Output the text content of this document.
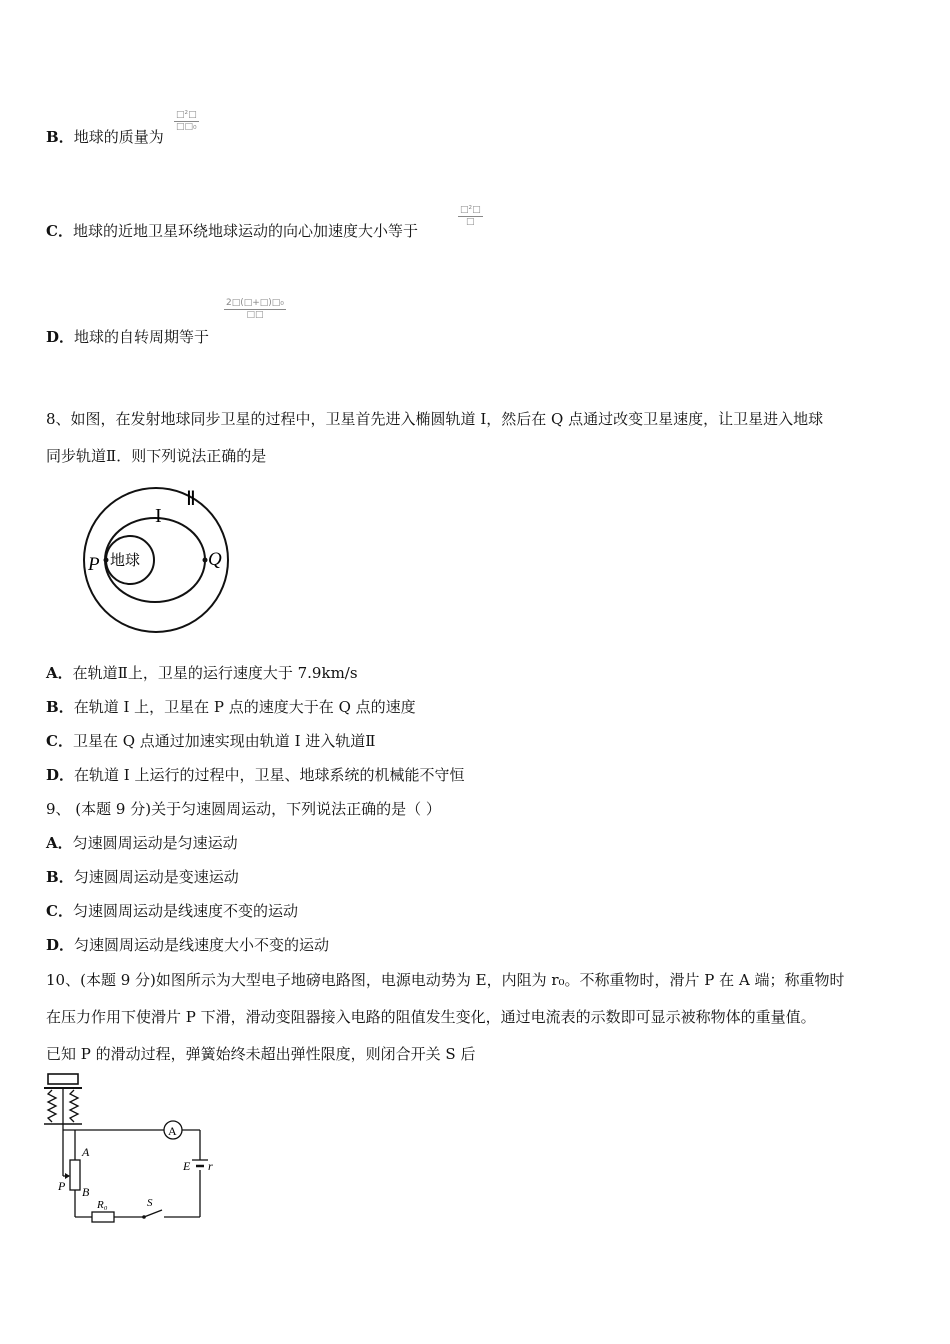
B．地球的质量为
□²□
□□₀
C．地球的近地卫星环绕地球运动的向心加速度大小等于
□²□
□
D．地球的自转周期等于
2□(□+□)□₀
□□
8、如图，在发射地球同步卫星的过程中，卫星首先进入椭圆轨道 I，然后在 Q 点通过改变卫星速度，让卫星进入地球
同步轨道Ⅱ．则下列说法正确的是
地球
P	Q
I
Ⅱ
A．在轨道Ⅱ上，卫星的运行速度大于 7.9km/s
B．在轨道 I 上，卫星在 P 点的速度大于在 Q 点的速度
C．卫星在 Q 点通过加速实现由轨道 I 进入轨道Ⅱ
D．在轨道 I 上运行的过程中，卫星、地球系统的机械能不守恒
9、 (本题 9 分)关于匀速圆周运动，下列说法正确的是（ ）
A．匀速圆周运动是匀速运动
B．匀速圆周运动是变速运动
C．匀速圆周运动是线速度不变的运动
D．匀速圆周运动是线速度大小不变的运动
10、(本题 9 分)如图所示为大型电子地磅电路图，电源电动势为 E，内阻为 r₀。不称重物时，滑片 P 在 A 端；称重物时
在压力作用下使滑片 P 下滑，滑动变阻器接入电路的阻值发生变化，通过电流表的示数即可显示被称物体的重量值。
已知 P 的滑动过程，弹簧始终未超出弹性限度，则闭合开关 S 后
A
E r
A
B
P
R₀	S
